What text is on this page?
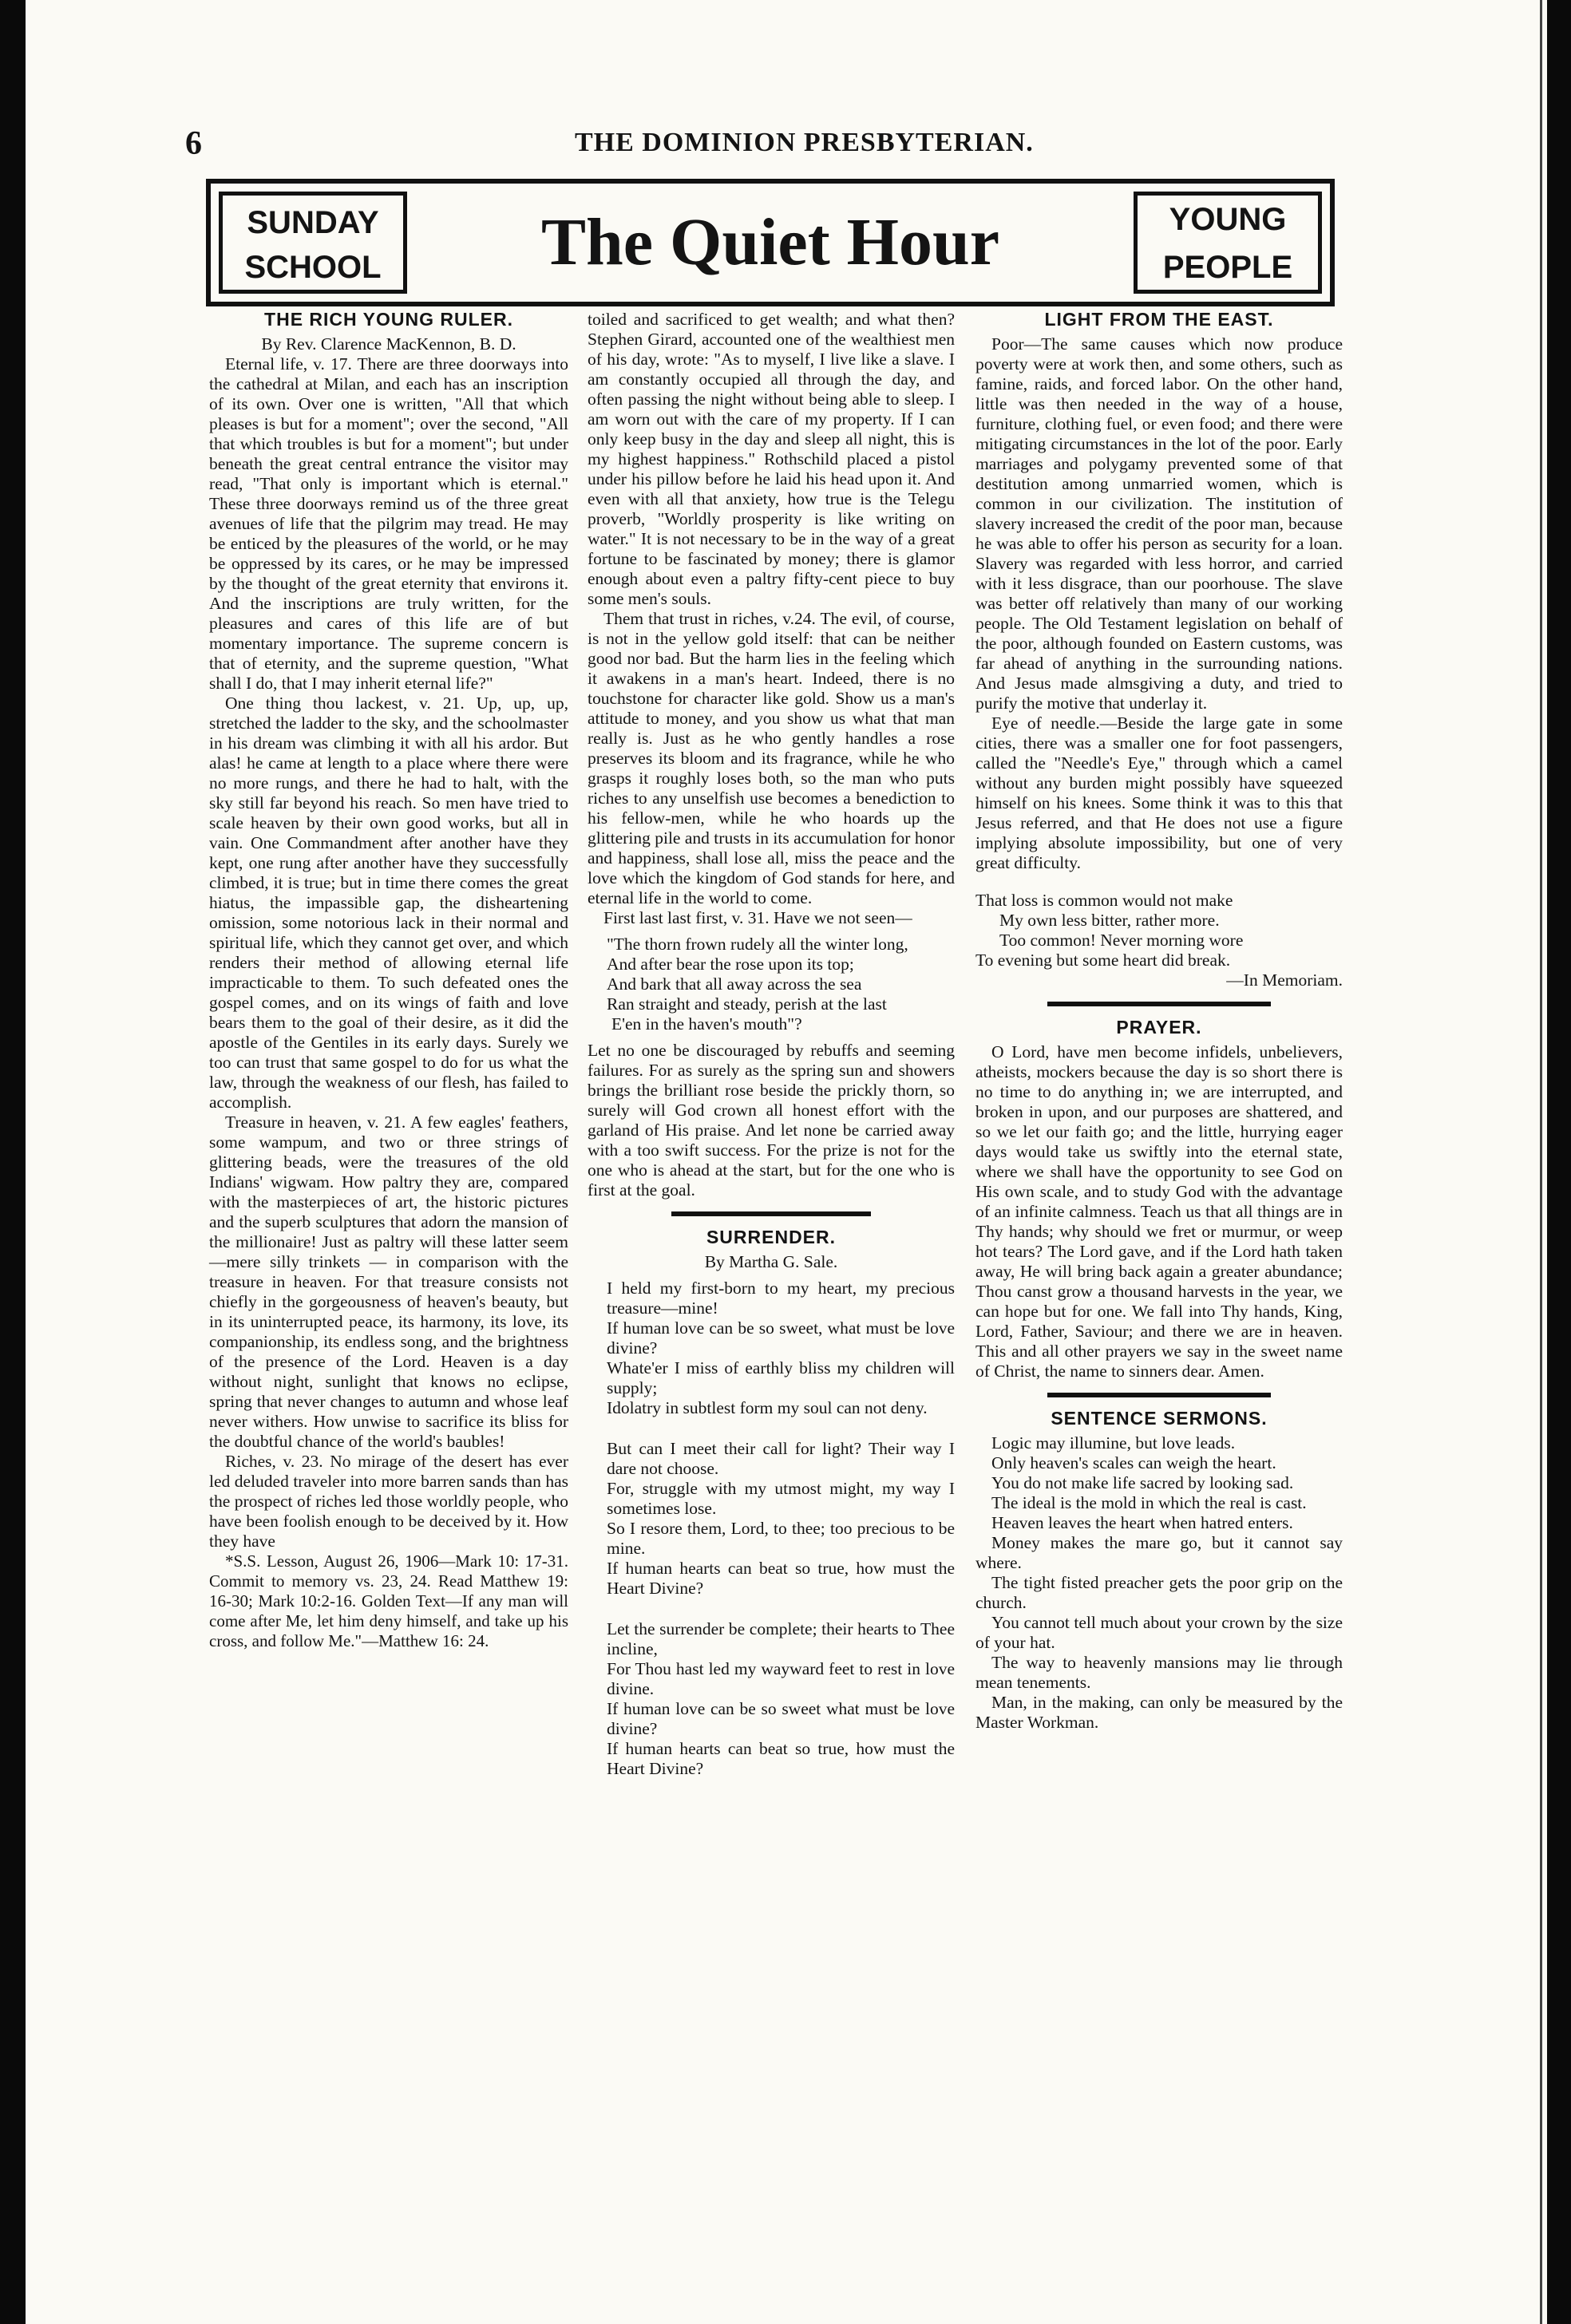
6	THE DOMINION PRESBYTERIAN.
SUNDAY
SCHOOL	The Quiet Hour	YOUNG
PEOPLE
THE RICH YOUNG RULER.

By Rev. Clarence MacKennon, B. D.

Eternal life, v. 17. There are three doorways into the cathedral at Milan, and each has an inscription of its own. Over one is written, "All that which pleases is but for a moment"; over the second, "All that which troubles is but for a moment"; but under beneath the great central entrance the visitor may read, "That only is important which is eternal." These three doorways remind us of the three great avenues of life that the pilgrim may tread. He may be enticed by the pleasures of the world, or he may be oppressed by its cares, or he may be impressed by the thought of the great eternity that environs it. And the inscriptions are truly written, for the pleasures and cares of this life are of but momentary importance. The supreme concern is that of eternity, and the supreme question, "What shall I do, that I may inherit eternal life?"

One thing thou lackest, v. 21. Up, up, up, stretched the ladder to the sky, and the schoolmaster in his dream was climbing it with all his ardor. But alas! he came at length to a place where there were no more rungs, and there he had to halt, with the sky still far beyond his reach. So men have tried to scale heaven by their own good works, but all in vain. One Commandment after another have they kept, one rung after another have they successfully climbed, it is true; but in time there comes the great hiatus, the impassible gap, the disheartening omission, some notorious lack in their normal and spiritual life, which they cannot get over, and which renders their method of allowing eternal life impracticable to them. To such defeated ones the gospel comes, and on its wings of faith and love bears them to the goal of their desire, as it did the apostle of the Gentiles in its early days. Surely we too can trust that same gospel to do for us what the law, through the weakness of our flesh, has failed to accomplish.

Treasure in heaven, v. 21. A few eagles' feathers, some wampum, and two or three strings of glittering beads, were the treasures of the old Indians' wigwam. How paltry they are, compared with the masterpieces of art, the historic pictures and the superb sculptures that adorn the mansion of the millionaire! Just as paltry will these latter seem—mere silly trinkets — in comparison with the treasure in heaven. For that treasure consists not chiefly in the gorgeousness of heaven's beauty, but in its uninterrupted peace, its harmony, its love, its companionship, its endless song, and the brightness of the presence of the Lord. Heaven is a day without night, sunlight that knows no eclipse, spring that never changes to autumn and whose leaf never withers. How unwise to sacrifice its bliss for the doubtful chance of the world's baubles!

Riches, v. 23. No mirage of the desert has ever led deluded traveler into more barren sands than has the prospect of riches led those worldly people, who have been foolish enough to be deceived by it. How they have

*S.S. Lesson, August 26, 1906—Mark 10: 17-31. Commit to memory vs. 23, 24. Read Matthew 19: 16-30; Mark 10:2-16. Golden Text—If any man will come after Me, let him deny himself, and take up his cross, and follow Me."—Matthew 16: 24.

toiled and sacrificed to get wealth; and what then? Stephen Girard, accounted one of the wealthiest men of his day, wrote: "As to myself, I live like a slave. I am constantly occupied all through the day, and often passing the night without being able to sleep. I am worn out with the care of my property. If I can only keep busy in the day and sleep all night, this is my highest happiness." Rothschild placed a pistol under his pillow before he laid his head upon it. And even with all that anxiety, how true is the Telegu proverb, "Worldly prosperity is like writing on water." It is not necessary to be in the way of a great fortune to be fascinated by money; there is glamor enough about even a paltry fifty-cent piece to buy some men's souls.

Them that trust in riches, v.24. The evil, of course, is not in the yellow gold itself: that can be neither good nor bad. But the harm lies in the feeling which it awakens in a man's heart. Indeed, there is no touchstone for character like gold. Show us a man's attitude to money, and you show us what that man really is. Just as he who gently handles a rose preserves its bloom and its fragrance, while he who grasps it roughly loses both, so the man who puts riches to any unselfish use becomes a benediction to his fellow-men, while he who hoards up the glittering pile and trusts in its accumulation for honor and happiness, shall lose all, miss the peace and the love which the kingdom of God stands for here, and eternal life in the world to come.

First last last first, v. 31. Have we not seen—

"The thorn frown rudely all the winter long,

And after bear the rose upon its top;

And bark that all away across the sea

Ran straight and steady, perish at the last

E'en in the haven's mouth"?

Let no one be discouraged by rebuffs and seeming failures. For as surely as the spring sun and showers brings the brilliant rose beside the prickly thorn, so surely will God crown all honest effort with the garland of His praise. And let none be carried away with a too swift success. For the prize is not for the one who is ahead at the start, but for the one who is first at the goal.

SURRENDER.

By Martha G. Sale.

I held my first-born to my heart, my precious treasure—mine!

If human love can be so sweet, what must be love divine?

Whate'er I miss of earthly bliss my children will supply;

Idolatry in subtlest form my soul can not deny.

But can I meet their call for light? Their way I dare not choose.

For, struggle with my utmost might, my way I sometimes lose.

So I resore them, Lord, to thee; too precious to be mine.

If human hearts can beat so true, how must the Heart Divine?

Let the surrender be complete; their hearts to Thee incline,

For Thou hast led my wayward feet to rest in love divine.

If human love can be so sweet what must be love divine?

If human hearts can beat so true, how must the Heart Divine?

LIGHT FROM THE EAST.

Poor—The same causes which now produce poverty were at work then, and some others, such as famine, raids, and forced labor. On the other hand, little was then needed in the way of a house, furniture, clothing fuel, or even food; and there were mitigating circumstances in the lot of the poor. Early marriages and polygamy prevented some of that destitution among unmarried women, which is common in our civilization. The institution of slavery increased the credit of the poor man, because he was able to offer his person as security for a loan. Slavery was regarded with less horror, and carried with it less disgrace, than our poorhouse. The slave was better off relatively than many of our working people. The Old Testament legislation on behalf of the poor, although founded on Eastern customs, was far ahead of anything in the surrounding nations. And Jesus made almsgiving a duty, and tried to purify the motive that underlay it.

Eye of needle.—Beside the large gate in some cities, there was a smaller one for foot passengers, called the "Needle's Eye," through which a camel without any burden might possibly have squeezed himself on his knees. Some think it was to this that Jesus referred, and that He does not use a figure implying absolute impossibility, but one of very great difficulty.

That loss is common would not make

My own less bitter, rather more.

Too common! Never morning wore

To evening but some heart did break.

—In Memoriam.

PRAYER.

O Lord, have men become infidels, unbelievers, atheists, mockers because the day is so short there is no time to do anything in; we are interrupted, and broken in upon, and our purposes are shattered, and so we let our faith go; and the little, hurrying eager days would take us swiftly into the eternal state, where we shall have the opportunity to see God on His own scale, and to study God with the advantage of an infinite calmness. Teach us that all things are in Thy hands; why should we fret or murmur, or weep hot tears? The Lord gave, and if the Lord hath taken away, He will bring back again a greater abundance; Thou canst grow a thousand harvests in the year, we can hope but for one. We fall into Thy hands, King, Lord, Father, Saviour; and there we are in heaven. This and all other prayers we say in the sweet name of Christ, the name to sinners dear. Amen.

SENTENCE SERMONS.

Logic may illumine, but love leads.

Only heaven's scales can weigh the heart.

You do not make life sacred by looking sad.

The ideal is the mold in which the real is cast.

Heaven leaves the heart when hatred enters.

Money makes the mare go, but it cannot say where.

The tight fisted preacher gets the poor grip on the church.

You cannot tell much about your crown by the size of your hat.

The way to heavenly mansions may lie through mean tenements.

Man, in the making, can only be measured by the Master Workman.
